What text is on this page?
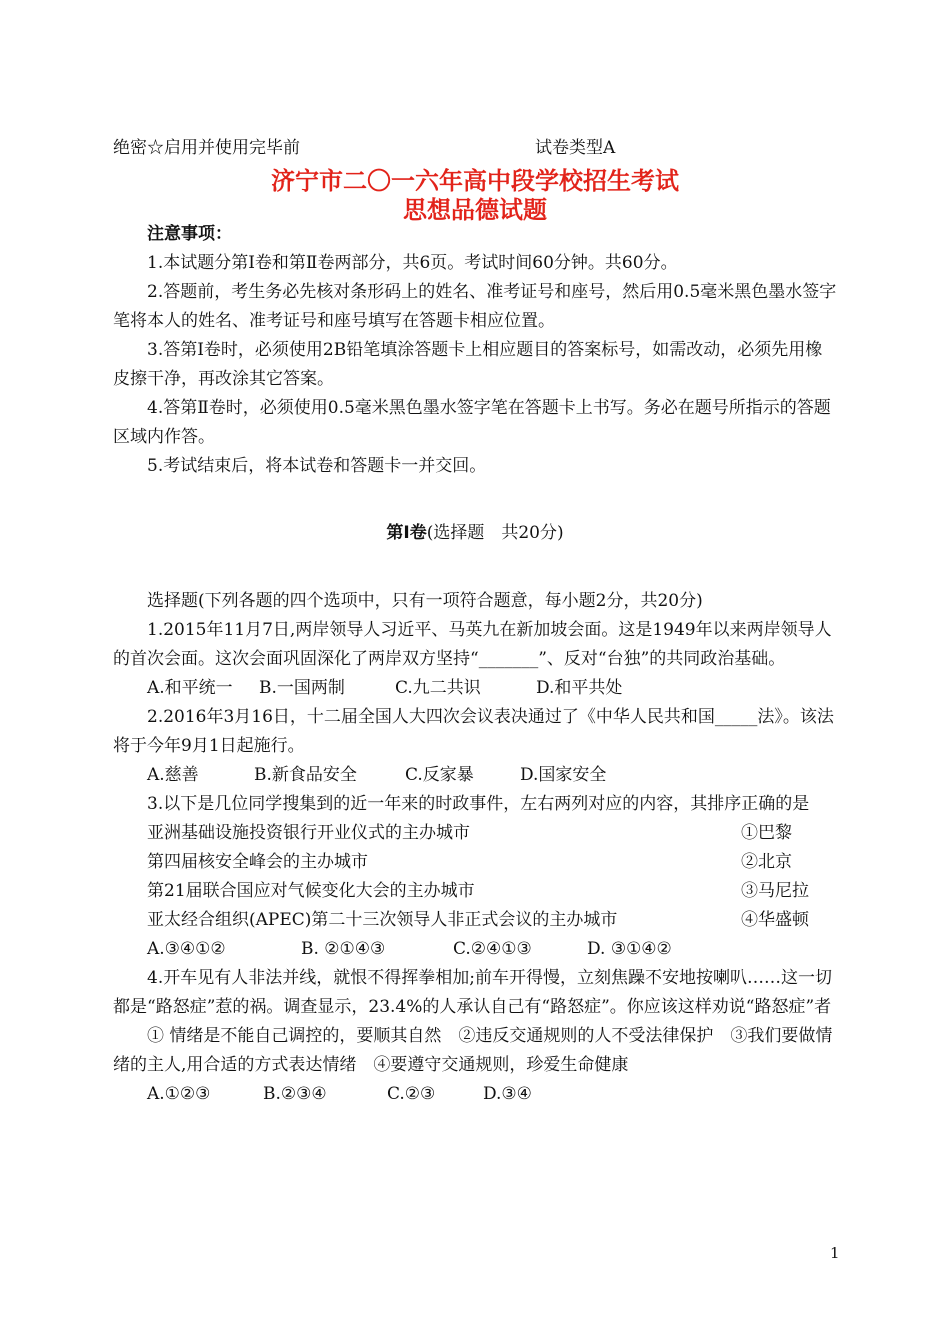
绝密☆启用并使用完毕前	试卷类型A
济宁市二〇一六年高中段学校招生考试
思想品德试题

注意事项：

1.本试题分第Ⅰ卷和第Ⅱ卷两部分，共6页。考试时间60分钟。共60分。

2.答题前，考生务必先核对条形码上的姓名、准考证号和座号，然后用0.5毫米黑色墨水签字笔将本人的姓名、准考证号和座号填写在答题卡相应位置。

3.答第Ⅰ卷时，必须使用2B铅笔填涂答题卡上相应题目的答案标号，如需改动，必须先用橡皮擦干净，再改涂其它答案。

4.答第Ⅱ卷时，必须使用0.5毫米黑色墨水签字笔在答题卡上书写。务必在题号所指示的答题区域内作答。

5.考试结束后，将本试卷和答题卡一并交回。

第Ⅰ卷(选择题　共20分)

选择题(下列各题的四个选项中，只有一项符合题意，每小题2分，共20分)

1.2015年11月7日,两岸领导人习近平、马英九在新加坡会面。这是1949年以来两岸领导人的首次会面。这次会面巩固深化了两岸双方坚持“_______”、反对“台独”的共同政治基础。

A.和平统一	B.一国两制	C.九二共识	D.和平共处

2.2016年3月16日，十二届全国人大四次会议表决通过了《中华人民共和国_____法》。该法将于今年9月1日起施行。

A.慈善	B.新食品安全	C.反家暴	D.国家安全

3.以下是几位同学搜集到的近一年来的时政事件，左右两列对应的内容，其排序正确的是

亚洲基础设施投资银行开业仪式的主办城市	①巴黎
第四届核安全峰会的主办城市	②北京
第21届联合国应对气候变化大会的主办城市	③马尼拉
亚太经合组织(APEC)第二十三次领导人非正式会议的主办城市	④华盛顿
A.③④①②	B. ②①④③	C.②④①③	D. ③①④②

4.开车见有人非法并线，就恨不得挥拳相加;前车开得慢，立刻焦躁不安地按喇叭……这一切都是“路怒症”惹的祸。调查显示，23.4%的人承认自己有“路怒症”。你应该这样劝说“路怒症”者

① 情绪是不能自己调控的，要顺其自然　②违反交通规则的人不受法律保护　③我们要做情绪的主人,用合适的方式表达情绪　④要遵守交通规则，珍爱生命健康

A.①②③	B.②③④	C.②③	D.③④
1
